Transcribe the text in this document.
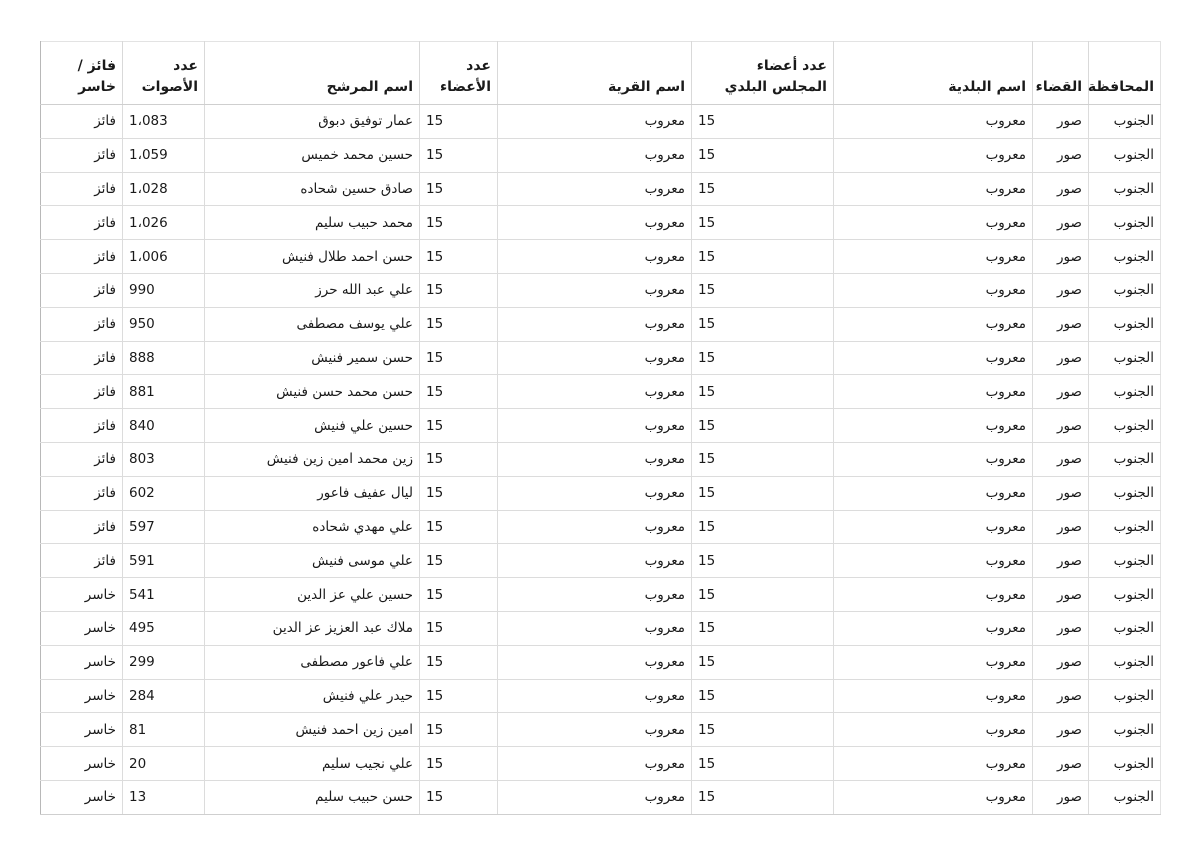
المحافظة	القضاء	اسم البلدية	عدد أعضاء المجلس البلدي	اسم القرية	عدد الأعضاء	اسم المرشح	عدد الأصوات	فائز / خاسر
الجنوب	صور	معروب	15	معروب	15	عمار توفيق دبوق	1،083	فائز
الجنوب	صور	معروب	15	معروب	15	حسين محمد خميس	1،059	فائز
الجنوب	صور	معروب	15	معروب	15	صادق حسين شحاده	1،028	فائز
الجنوب	صور	معروب	15	معروب	15	محمد حبيب سليم	1،026	فائز
الجنوب	صور	معروب	15	معروب	15	حسن احمد طلال فنيش	1،006	فائز
الجنوب	صور	معروب	15	معروب	15	علي عبد الله حرز	990	فائز
الجنوب	صور	معروب	15	معروب	15	علي يوسف مصطفى	950	فائز
الجنوب	صور	معروب	15	معروب	15	حسن سمير فنيش	888	فائز
الجنوب	صور	معروب	15	معروب	15	حسن محمد حسن فنيش	881	فائز
الجنوب	صور	معروب	15	معروب	15	حسين علي فنيش	840	فائز
الجنوب	صور	معروب	15	معروب	15	زين محمد امين زين فنيش	803	فائز
الجنوب	صور	معروب	15	معروب	15	ليال عفيف فاعور	602	فائز
الجنوب	صور	معروب	15	معروب	15	علي مهدي شحاده	597	فائز
الجنوب	صور	معروب	15	معروب	15	علي موسى فنيش	591	فائز
الجنوب	صور	معروب	15	معروب	15	حسين علي عز الدين	541	خاسر
الجنوب	صور	معروب	15	معروب	15	ملاك عبد العزيز عز الدين	495	خاسر
الجنوب	صور	معروب	15	معروب	15	علي فاعور مصطفى	299	خاسر
الجنوب	صور	معروب	15	معروب	15	حيدر علي فنيش	284	خاسر
الجنوب	صور	معروب	15	معروب	15	امين زين احمد فنيش	81	خاسر
الجنوب	صور	معروب	15	معروب	15	علي نجيب سليم	20	خاسر
الجنوب	صور	معروب	15	معروب	15	حسن حبيب سليم	13	خاسر
